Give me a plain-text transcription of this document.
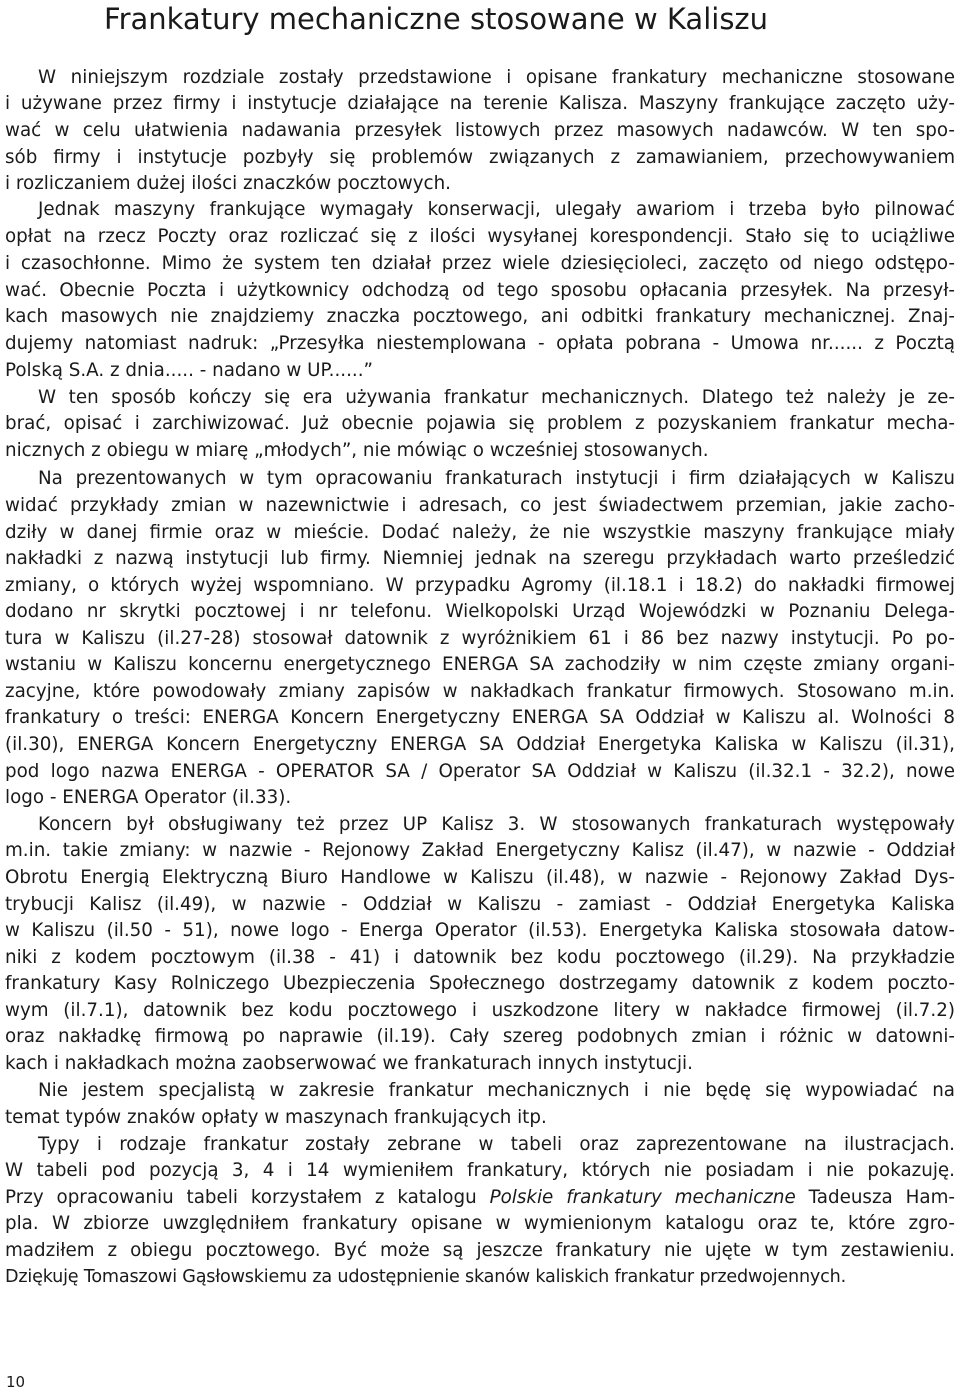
Frankatury mechaniczne stosowane w Kaliszu
W niniejszym rozdziale zostały przedstawione i opisane frankatury mechaniczne stosowane
i używane przez firmy i instytucje działające na terenie Kalisza. Maszyny frankujące zaczęto uży-
wać w celu ułatwienia nadawania przesyłek listowych przez masowych nadawców. W ten spo-
sób firmy i instytucje pozbyły się problemów związanych z zamawianiem, przechowywaniem
i rozliczaniem dużej ilości znaczków pocztowych.
Jednak maszyny frankujące wymagały konserwacji, ulegały awariom i trzeba było pilnować
opłat na rzecz Poczty oraz rozliczać się z ilości wysyłanej korespondencji. Stało się to uciążliwe
i czasochłonne. Mimo że system ten działał przez wiele dziesięcioleci, zaczęto od niego odstępo-
wać. Obecnie Poczta i użytkownicy odchodzą od tego sposobu opłacania przesyłek. Na przesył-
kach masowych nie znajdziemy znaczka pocztowego, ani odbitki frankatury mechanicznej. Znaj-
dujemy natomiast nadruk: „Przesyłka niestemplowana - opłata pobrana - Umowa nr...... z Pocztą
Polską S.A. z dnia..... - nadano w UP......”
W ten sposób kończy się era używania frankatur mechanicznych. Dlatego też należy je ze-
brać, opisać i zarchiwizować. Już obecnie pojawia się problem z pozyskaniem frankatur mecha-
nicznych z obiegu w miarę „młodych”, nie mówiąc o wcześniej stosowanych.
Na prezentowanych w tym opracowaniu frankaturach instytucji i firm działających w Kaliszu
widać przykłady zmian w nazewnictwie i adresach, co jest świadectwem przemian, jakie zacho-
dziły w danej firmie oraz w mieście. Dodać należy, że nie wszystkie maszyny frankujące miały
nakładki z nazwą instytucji lub firmy. Niemniej jednak na szeregu przykładach warto prześledzić
zmiany, o których wyżej wspomniano. W przypadku Agromy (il.18.1 i 18.2) do nakładki firmowej
dodano nr skrytki pocztowej i nr telefonu. Wielkopolski Urząd Wojewódzki w Poznaniu Delega-
tura w Kaliszu (il.27-28) stosował datownik z wyróżnikiem 61 i 86 bez nazwy instytucji. Po po-
wstaniu w Kaliszu koncernu energetycznego ENERGA SA zachodziły w nim częste zmiany organi-
zacyjne, które powodowały zmiany zapisów w nakładkach frankatur firmowych. Stosowano m.in.
frankatury o treści: ENERGA Koncern Energetyczny ENERGA SA Oddział w Kaliszu al. Wolności 8
(il.30), ENERGA Koncern Energetyczny ENERGA SA Oddział Energetyka Kaliska w Kaliszu (il.31),
pod logo nazwa ENERGA - OPERATOR SA / Operator SA Oddział w Kaliszu (il.32.1 - 32.2), nowe
logo - ENERGA Operator (il.33).
Koncern był obsługiwany też przez UP Kalisz 3. W stosowanych frankaturach występowały
m.in. takie zmiany: w nazwie - Rejonowy Zakład Energetyczny Kalisz (il.47), w nazwie - Oddział
Obrotu Energią Elektryczną Biuro Handlowe w Kaliszu (il.48), w nazwie - Rejonowy Zakład Dys-
trybucji Kalisz (il.49), w nazwie - Oddział w Kaliszu - zamiast - Oddział Energetyka Kaliska
w Kaliszu (il.50 - 51), nowe logo - Energa Operator (il.53). Energetyka Kaliska stosowała datow-
niki z kodem pocztowym (il.38 - 41) i datownik bez kodu pocztowego (il.29). Na przykładzie
frankatury Kasy Rolniczego Ubezpieczenia Społecznego dostrzegamy datownik z kodem poczto-
wym (il.7.1), datownik bez kodu pocztowego i uszkodzone litery w nakładce firmowej (il.7.2)
oraz nakładkę firmową po naprawie (il.19). Cały szereg podobnych zmian i różnic w datowni-
kach i nakładkach można zaobserwować we frankaturach innych instytucji.
Nie jestem specjalistą w zakresie frankatur mechanicznych i nie będę się wypowiadać na
temat typów znaków opłaty w maszynach frankujących itp.
Typy i rodzaje frankatur zostały zebrane w tabeli oraz zaprezentowane na ilustracjach.
W tabeli pod pozycją 3, 4 i 14 wymieniłem frankatury, których nie posiadam i nie pokazuję.
Przy opracowaniu tabeli korzystałem z katalogu Polskie frankatury mechaniczne Tadeusza Ham-
pla. W zbiorze uwzględniłem frankatury opisane w wymienionym katalogu oraz te, które zgro-
madziłem z obiegu pocztowego. Być może są jeszcze frankatury nie ujęte w tym zestawieniu.
Dziękuję Tomaszowi Gąsłowskiemu za udostępnienie skanów kaliskich frankatur przedwojennych.
10
